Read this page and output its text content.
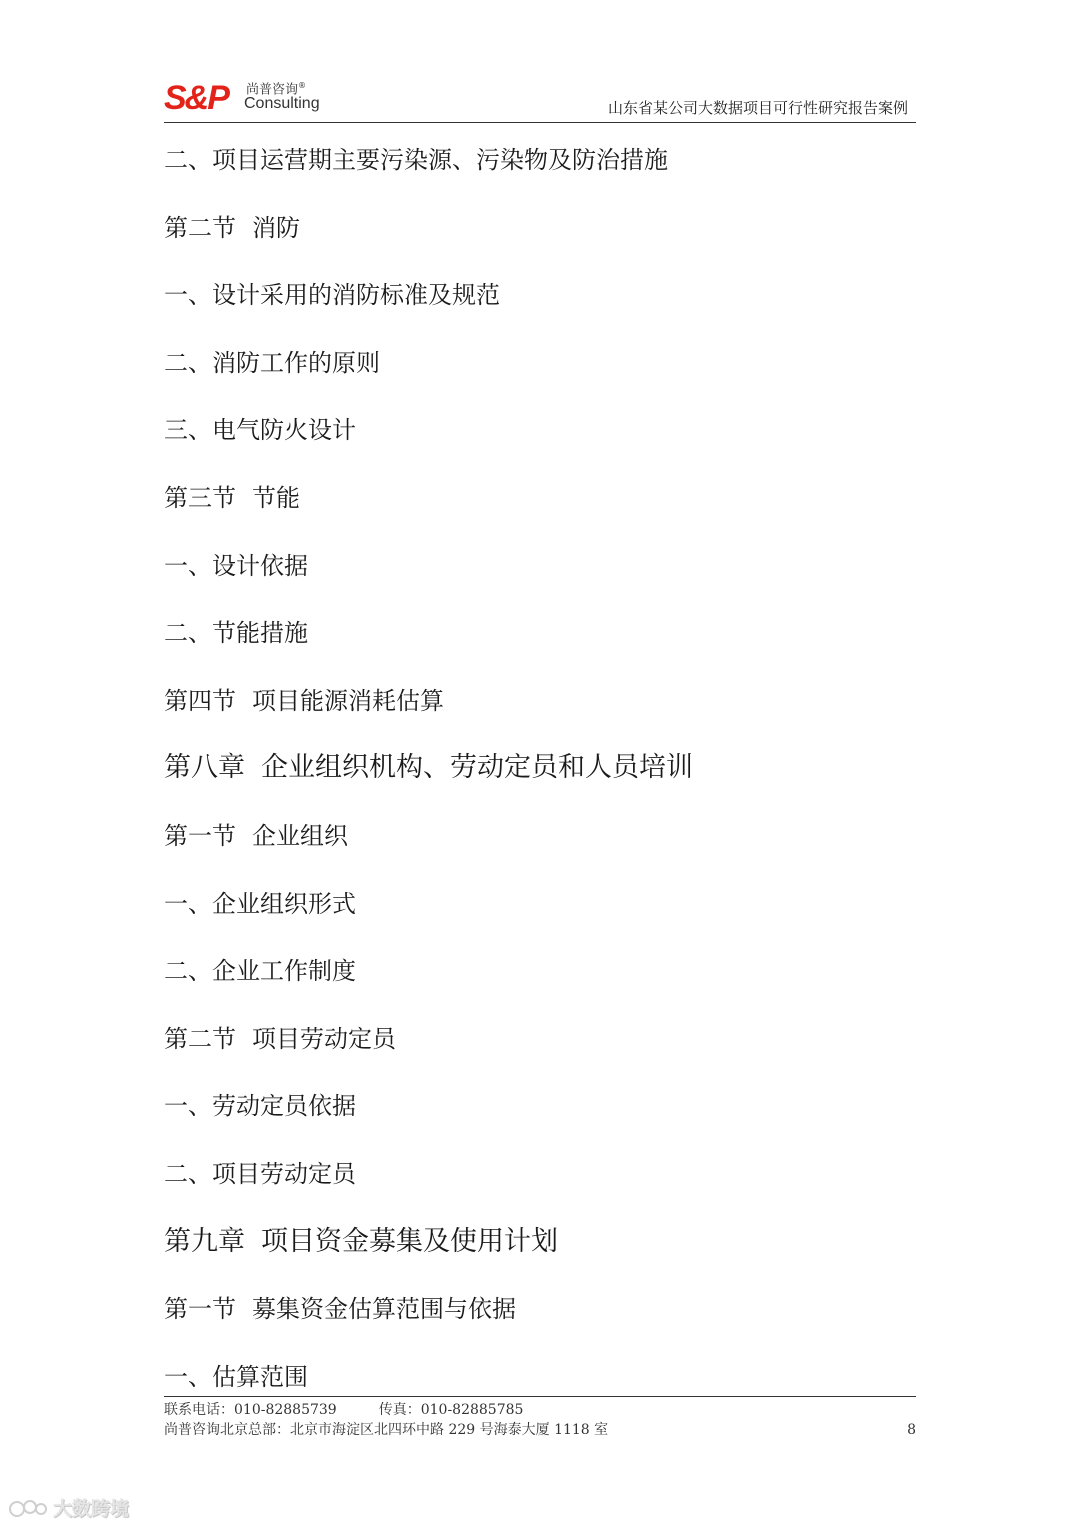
S&P 尚普咨询®
Consulting	山东省某公司大数据项目可行性研究报告案例
二、项目运营期主要污染源、污染物及防治措施
第二节 消防
一、设计采用的消防标准及规范
二、消防工作的原则
三、电气防火设计
第三节 节能
一、设计依据
二、节能措施
第四节 项目能源消耗估算
第八章 企业组织机构、劳动定员和人员培训
第一节 企业组织
一、企业组织形式
二、企业工作制度
第二节 项目劳动定员
一、劳动定员依据
二、项目劳动定员
第九章 项目资金募集及使用计划
第一节 募集资金估算范围与依据
一、估算范围
联系电话：010-82885739	传真：010-82885785
尚普咨询北京总部：北京市海淀区北四环中路 229 号海泰大厦 1118 室	8
大数跨境
